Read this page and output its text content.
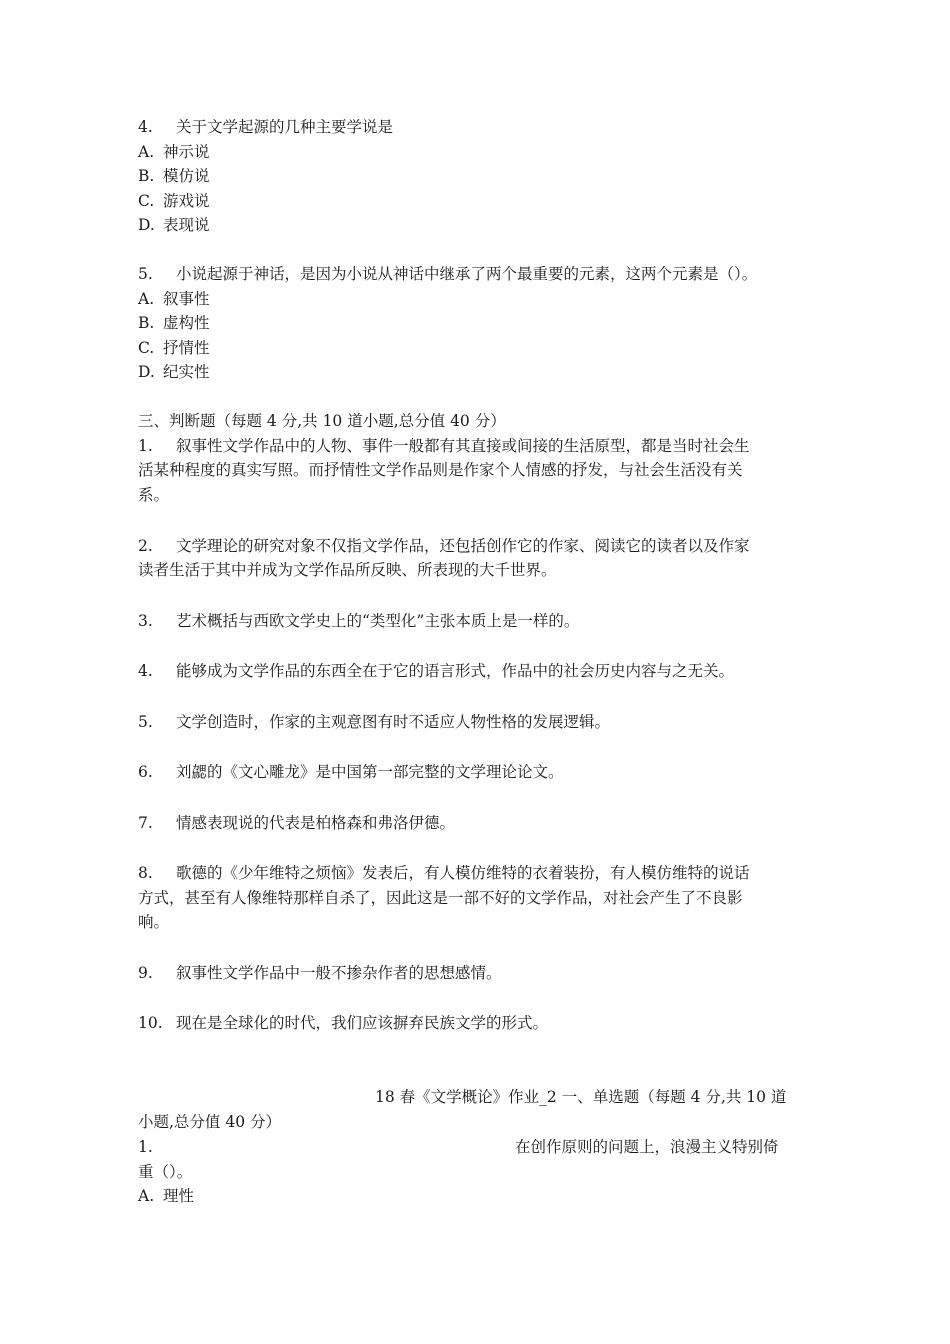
4. 关于文学起源的几种主要学说是
A. 神示说
B. 模仿说
C. 游戏说
D. 表现说
5. 小说起源于神话，是因为小说从神话中继承了两个最重要的元素，这两个元素是（）。
A. 叙事性
B. 虚构性
C. 抒情性
D. 纪实性
三、判断题（每题 4 分,共 10 道小题,总分值 40 分）
1. 叙事性文学作品中的人物、事件一般都有其直接或间接的生活原型，都是当时社会生
活某种程度的真实写照。而抒情性文学作品则是作家个人情感的抒发，与社会生活没有关
系。
2. 文学理论的研究对象不仅指文学作品，还包括创作它的作家、阅读它的读者以及作家
读者生活于其中并成为文学作品所反映、所表现的大千世界。
3. 艺术概括与西欧文学史上的“类型化”主张本质上是一样的。
4. 能够成为文学作品的东西全在于它的语言形式，作品中的社会历史内容与之无关。
5. 文学创造时，作家的主观意图有时不适应人物性格的发展逻辑。
6. 刘勰的《文心雕龙》是中国第一部完整的文学理论论文。
7. 情感表现说的代表是柏格森和弗洛伊德。
8. 歌德的《少年维特之烦恼》发表后，有人模仿维特的衣着装扮，有人模仿维特的说话
方式，甚至有人像维特那样自杀了，因此这是一部不好的文学作品，对社会产生了不良影
响。
9. 叙事性文学作品中一般不掺杂作者的思想感情。
10. 现在是全球化的时代，我们应该摒弃民族文学的形式。
18 春《文学概论》作业_2 一、单选题（每题 4 分,共 10 道
小题,总分值 40 分）
1.	在创作原则的问题上，浪漫主义特别倚
重（）。
A. 理性
